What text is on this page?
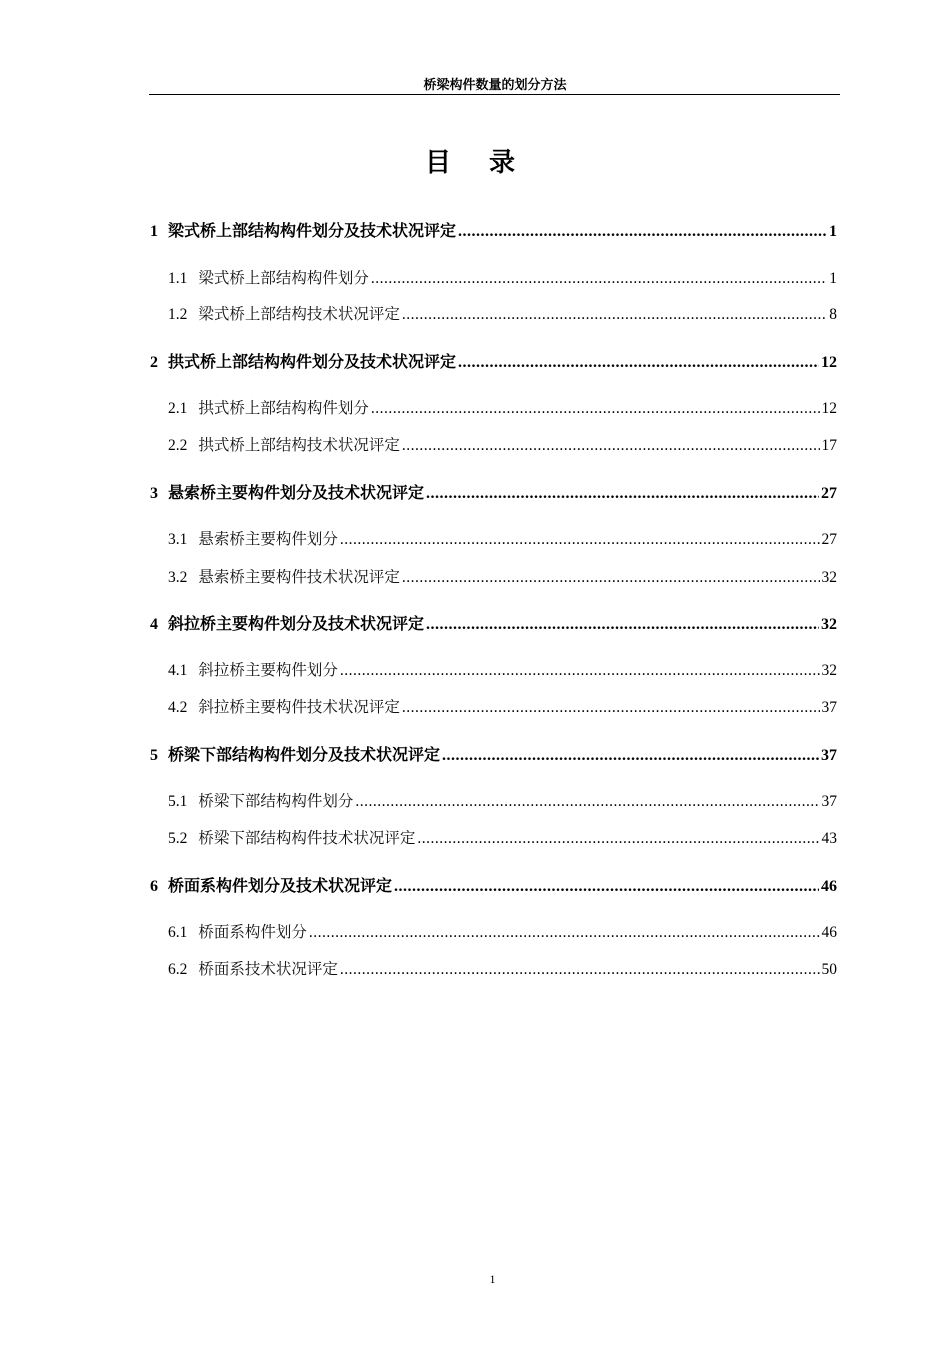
桥梁构件数量的划分方法
目 录
1 梁式桥上部结构构件划分及技术状况评定 .....	1
1.1 梁式桥上部结构构件划分 .....	1
1.2 梁式桥上部结构技术状况评定 .....	8
2 拱式桥上部结构构件划分及技术状况评定 .....	12
2.1 拱式桥上部结构构件划分 .....	12
2.2 拱式桥上部结构技术状况评定 .....	17
3 悬索桥主要构件划分及技术状况评定 .....	27
3.1 悬索桥主要构件划分 .....	27
3.2 悬索桥主要构件技术状况评定 .....	32
4 斜拉桥主要构件划分及技术状况评定 .....	32
4.1 斜拉桥主要构件划分 .....	32
4.2 斜拉桥主要构件技术状况评定 .....	37
5 桥梁下部结构构件划分及技术状况评定 .....	37
5.1 桥梁下部结构构件划分 .....	37
5.2 桥梁下部结构构件技术状况评定 .....	43
6 桥面系构件划分及技术状况评定 .....	46
6.1 桥面系构件划分 .....	46
6.2 桥面系技术状况评定 .....	50
1
